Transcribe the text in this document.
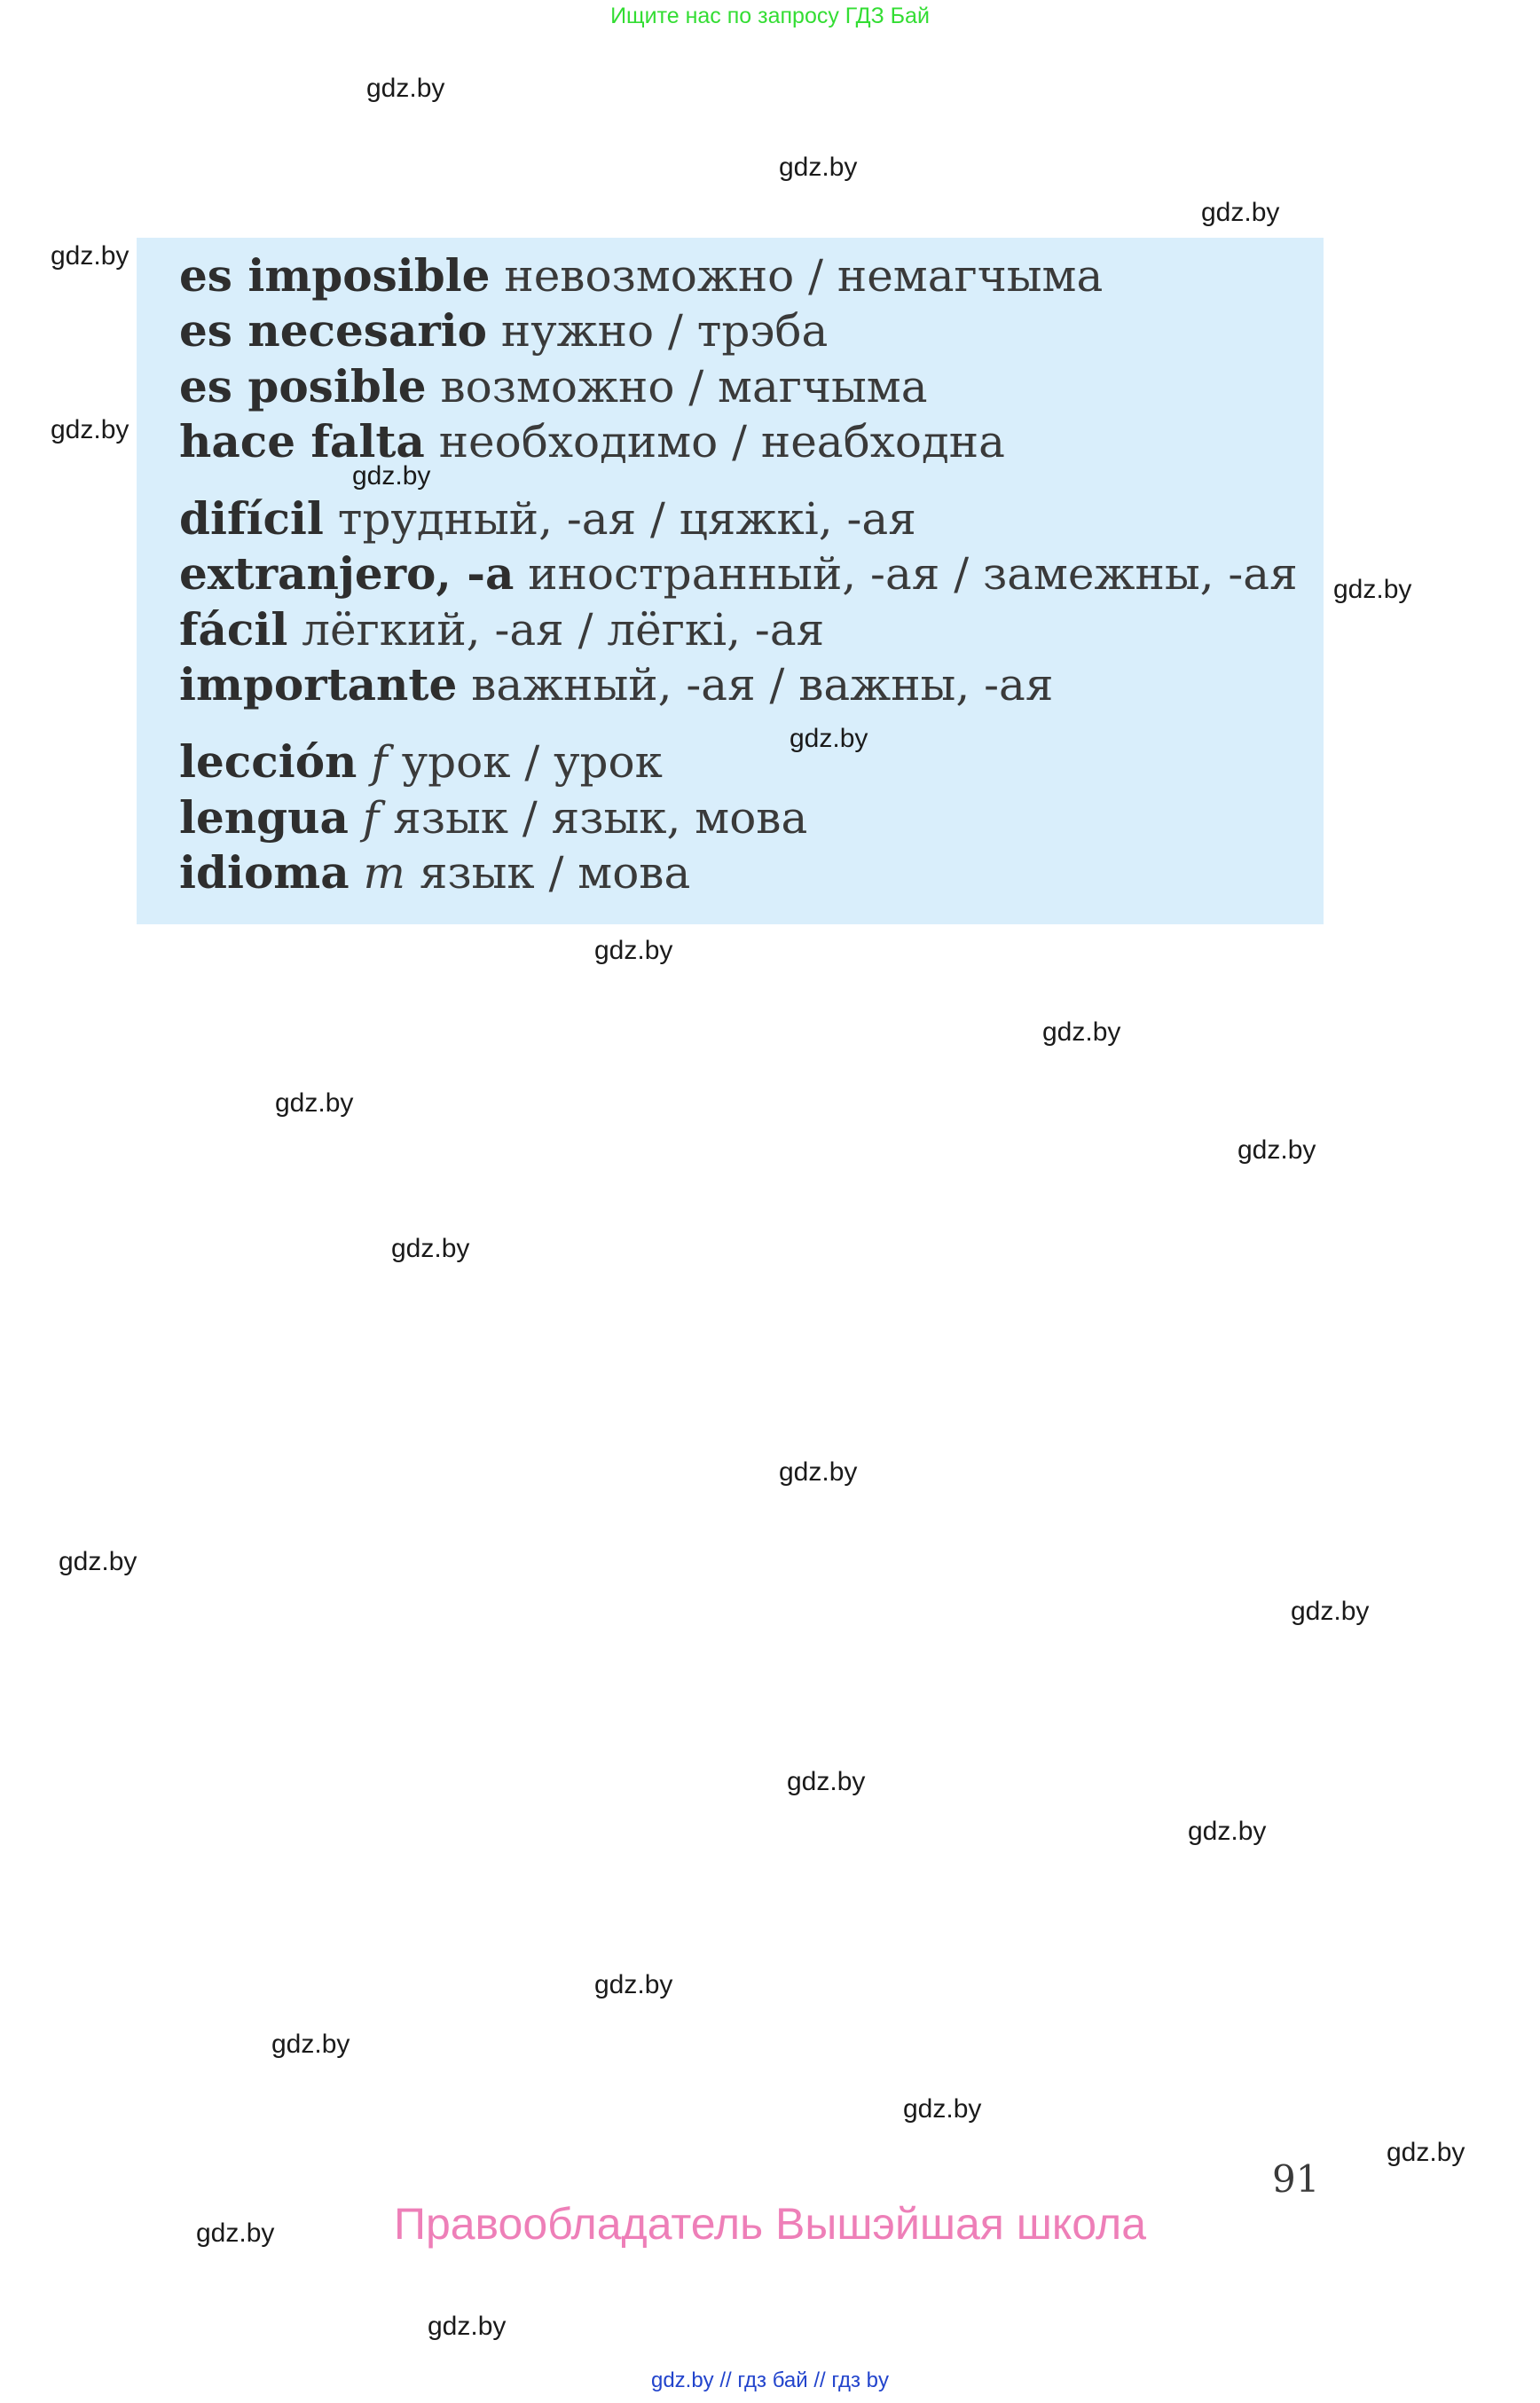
Ищите нас по запросу ГДЗ Бай
es imposible невозможно / немагчыма
es necesario нужно / трэба
es posible возможно / магчыма
hace falta необходимо / неабходна
difícil трудный, -ая / цяжкі, -ая
extranjero, -a иностранный, -ая / замежны, -ая
fácil лёгкий, -ая / лёгкі, -ая
importante важный, -ая / важны, -ая
lección f урок / урок
lengua f язык / язык, мова
idioma m язык / мова
gdz.by
gdz.by
gdz.by
gdz.by
gdz.by
gdz.by
gdz.by
gdz.by
gdz.by
gdz.by
gdz.by
gdz.by
gdz.by
gdz.by
gdz.by
gdz.by
gdz.by
gdz.by
gdz.by
gdz.by
gdz.by
gdz.by
gdz.by
gdz.by
91
Правообладатель Вышэйшая школа
gdz.by // гдз бай // гдз by
